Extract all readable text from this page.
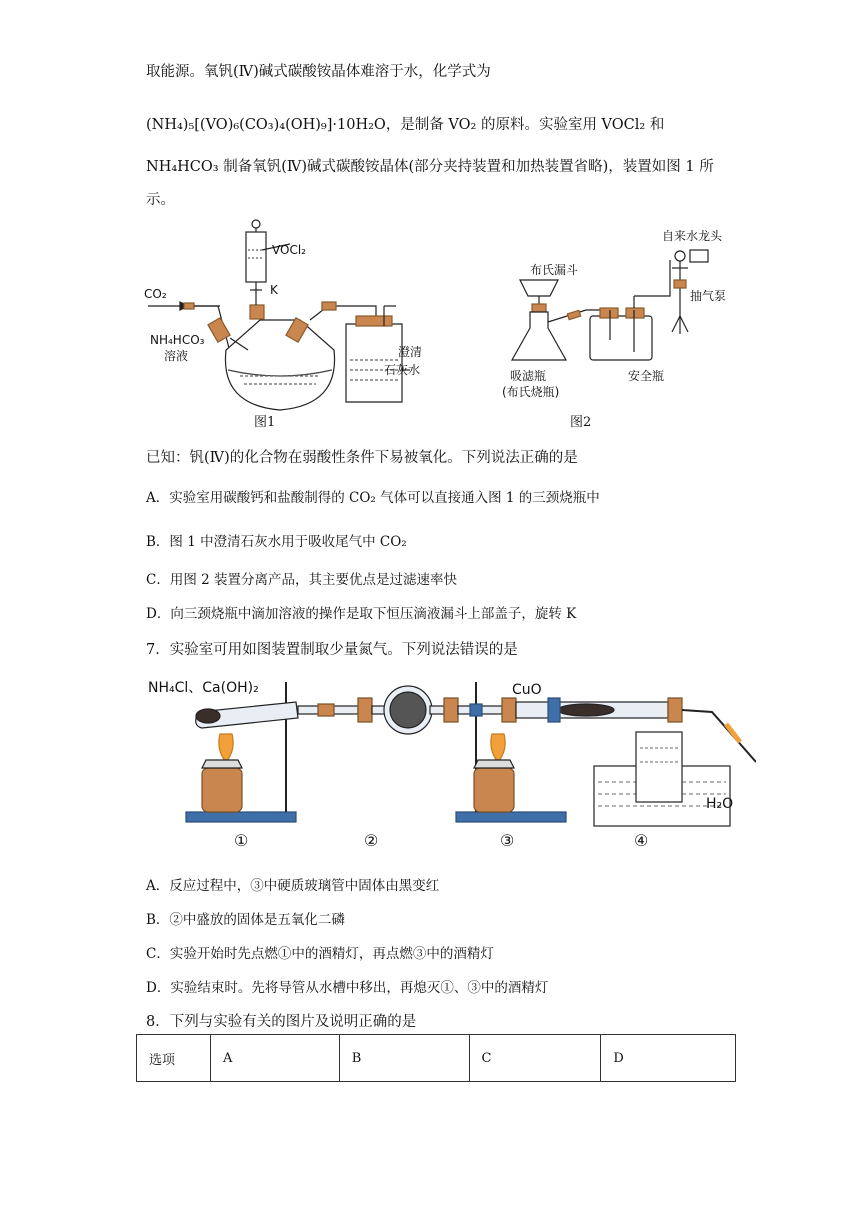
取能源。氧钒(Ⅳ)碱式碳酸铵晶体难溶于水，化学式为
(NH₄)₅[(VO)₆(CO₃)₄(OH)₉]·10H₂O，是制备 VO₂ 的原料。实验室用 VOCl₂ 和
NH₄HCO₃ 制备氧钒(Ⅳ)碱式碳酸铵晶体(部分夹持装置和加热装置省略)，装置如图 1 所
示。
CO₂
VOCl₂
K
NH₄HCO₃
溶液	澄清
石灰水
图1
自来水龙头
布氏漏斗
抽气泵
吸滤瓶
(布氏烧瓶)
安全瓶
图2
已知：钒(Ⅳ)的化合物在弱酸性条件下易被氧化。下列说法正确的是
A．实验室用碳酸钙和盐酸制得的 CO₂ 气体可以直接通入图 1 的三颈烧瓶中
B．图 1 中澄清石灰水用于吸收尾气中 CO₂
C．用图 2 装置分离产品，其主要优点是过滤速率快
D．向三颈烧瓶中滴加溶液的操作是取下恒压滴液漏斗上部盖子，旋转 K
7．实验室可用如图装置制取少量氮气。下列说法错误的是
NH₄Cl、Ca(OH)₂	CuO
H₂O
①	②	③	④
A．反应过程中，③中硬质玻璃管中固体由黑变红
B．②中盛放的固体是五氧化二磷
C．实验开始时先点燃①中的酒精灯，再点燃③中的酒精灯
D．实验结束时。先将导管从水槽中移出，再熄灭①、③中的酒精灯
8．下列与实验有关的图片及说明正确的是
选项	A	B	C	D
